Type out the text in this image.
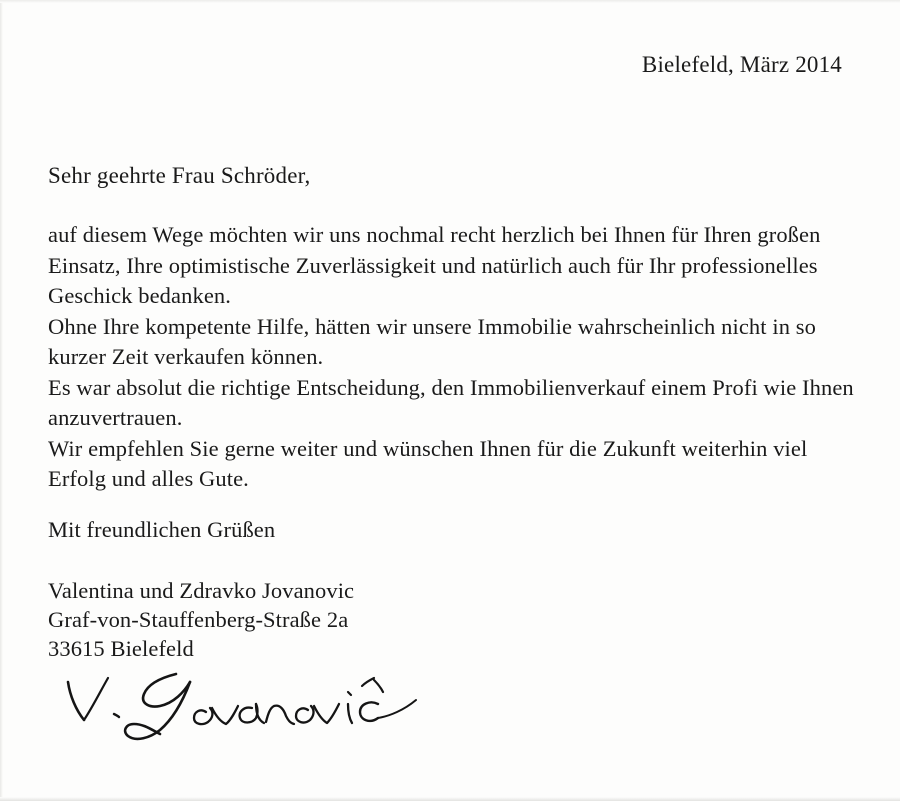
Bielefeld, März 2014
Sehr geehrte Frau Schröder,

auf diesem Wege möchten wir uns nochmal recht herzlich bei Ihnen für Ihren großen Einsatz, Ihre optimistische Zuverlässigkeit und natürlich auch für Ihr professionelles Geschick bedanken.

Ohne Ihre kompetente Hilfe, hätten wir unsere Immobilie wahrscheinlich nicht in so kurzer Zeit verkaufen können.

Es war absolut die richtige Entscheidung, den Immobilienverkauf einem Profi wie Ihnen anzuvertrauen.

Wir empfehlen Sie gerne weiter und wünschen Ihnen für die Zukunft weiterhin viel Erfolg und alles Gute.

Mit freundlichen Grüßen
Valentina und Zdravko Jovanovic
Graf-von-Stauffenberg-Straße 2a
33615 Bielefeld
